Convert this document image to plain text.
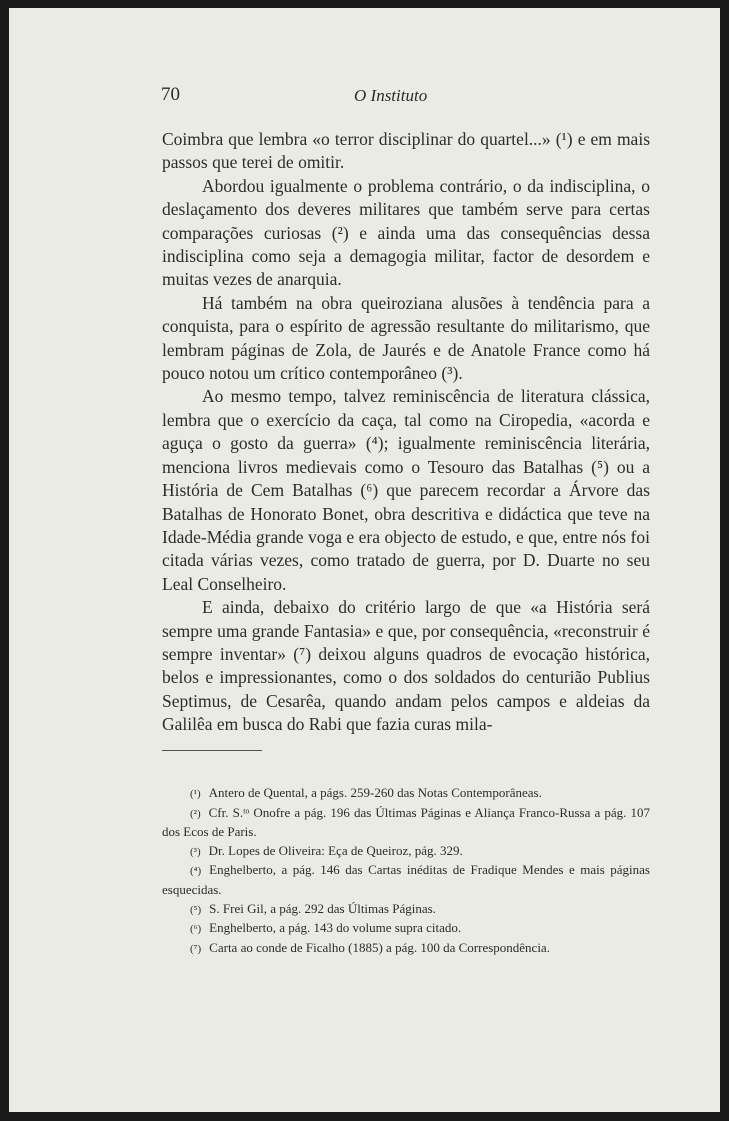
70	O Instituto

Coimbra que lembra «o terror disciplinar do quartel...» (¹) e em mais passos que terei de omitir.

Abordou igualmente o problema contrário, o da indisciplina, o deslaçamento dos deveres militares que também serve para certas comparações curiosas (²) e ainda uma das consequências dessa indisciplina como seja a demagogia militar, factor de desordem e muitas vezes de anarquia.

Há também na obra queiroziana alusões à tendência para a conquista, para o espírito de agressão resultante do militarismo, que lembram páginas de Zola, de Jaurés e de Anatole France como há pouco notou um crítico contemporâneo (³).

Ao mesmo tempo, talvez reminiscência de literatura clássica, lembra que o exercício da caça, tal como na Ciropedia, «acorda e aguça o gosto da guerra» (⁴); igualmente reminiscência literária, menciona livros medievais como o Tesouro das Batalhas (⁵) ou a História de Cem Batalhas (⁶) que parecem recordar a Árvore das Batalhas de Honorato Bonet, obra descritiva e didáctica que teve na Idade-Média grande voga e era objecto de estudo, e que, entre nós foi citada várias vezes, como tratado de guerra, por D. Duarte no seu Leal Conselheiro.

E ainda, debaixo do critério largo de que «a História será sempre uma grande Fantasia» e que, por consequência, «reconstruir é sempre inventar» (⁷) deixou alguns quadros de evocação histórica, belos e impressionantes, como o dos soldados do centurião Publius Septimus, de Cesarêa, quando andam pelos campos e aldeias da Galilêa em busca do Rabi que fazia curas mila-

(¹) Antero de Quental, a págs. 259-260 das Notas Contemporâneas.

(²) Cfr. S.ᵗᵒ Onofre a pág. 196 das Últimas Páginas e Aliança Franco-Russa a pág. 107 dos Ecos de Paris.

(³) Dr. Lopes de Oliveira: Eça de Queiroz, pág. 329.

(⁴) Enghelberto, a pág. 146 das Cartas inéditas de Fradique Mendes e mais páginas esquecidas.

(⁵) S. Frei Gil, a pág. 292 das Últimas Páginas.

(⁶) Enghelberto, a pág. 143 do volume supra citado.

(⁷) Carta ao conde de Ficalho (1885) a pág. 100 da Correspondência.
